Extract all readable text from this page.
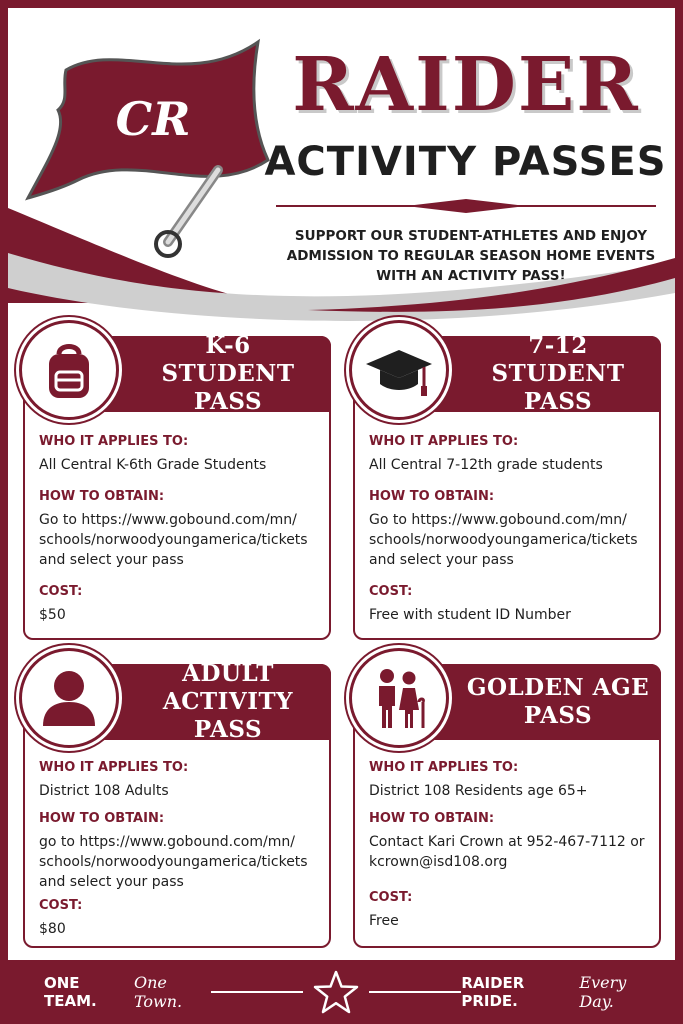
CR	RAIDER
ACTIVITY PASSES
SUPPORT OUR STUDENT-ATHLETES AND ENJOY ADMISSION TO REGULAR SEASON HOME EVENTS WITH AN ACTIVITY PASS!
K-6
STUDENT PASS
WHO IT APPLIES TO:
All Central K-6th Grade Students
HOW TO OBTAIN:
Go to https://www.gobound.com/mn/ schools/norwoodyoungamerica/tickets and select your pass
COST:
$50
7-12
STUDENT PASS
WHO IT APPLIES TO:
All Central 7-12th grade students
HOW TO OBTAIN:
Go to https://www.gobound.com/mn/ schools/norwoodyoungamerica/tickets and select your pass
COST:
Free with student ID Number
ADULT
ACTIVITY PASS
WHO IT APPLIES TO:
District 108 Adults
HOW TO OBTAIN:
go to https://www.gobound.com/mn/ schools/norwoodyoungamerica/tickets and select your pass
COST:
$80
GOLDEN AGE
PASS
WHO IT APPLIES TO:
District 108 Residents age 65+
HOW TO OBTAIN:
Contact Kari Crown at 952-467-7112 or kcrown@isd108.org
COST:
Free
ONE TEAM.
One Town.
RAIDER PRIDE.
Every Day.
